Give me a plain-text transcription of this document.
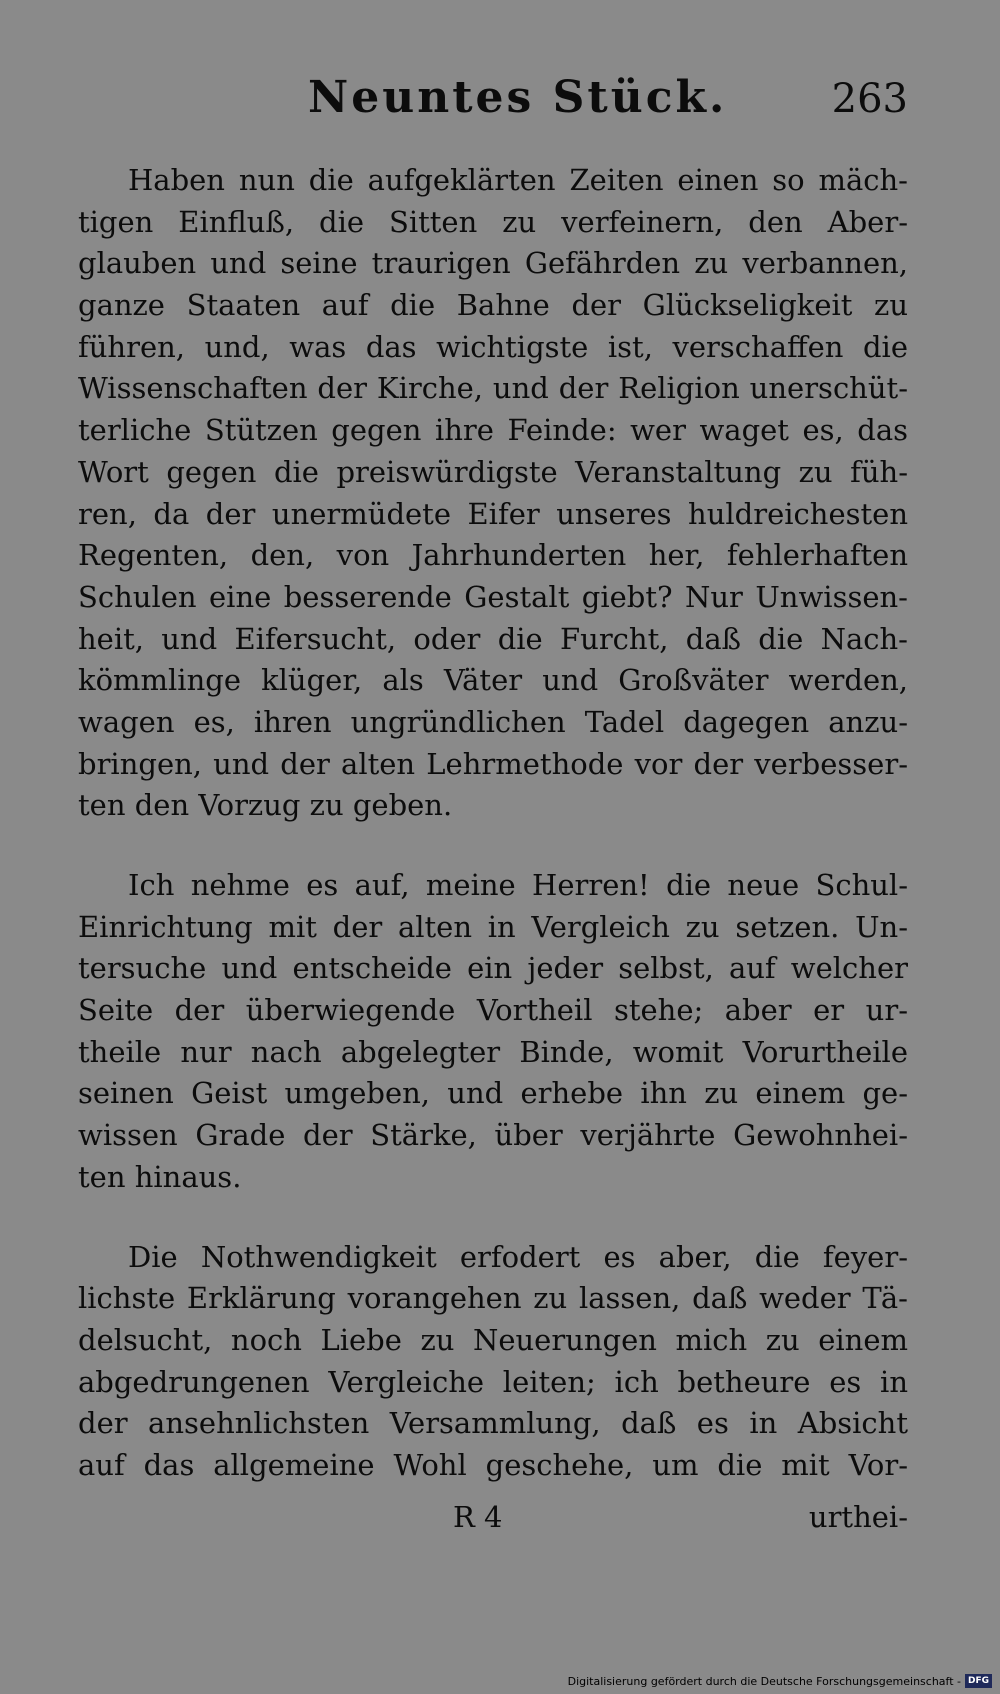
Neuntes Stück.	263
Haben nun die aufgeklärten Zeiten einen so mäch-
tigen Einfluß, die Sitten zu verfeinern, den Aber-
glauben und seine traurigen Gefährden zu verbannen,
ganze Staaten auf die Bahne der Glückseligkeit zu
führen, und, was das wichtigste ist, verschaffen die
Wissenschaften der Kirche, und der Religion unerschüt-
terliche Stützen gegen ihre Feinde: wer waget es, das
Wort gegen die preiswürdigste Veranstaltung zu füh-
ren, da der unermüdete Eifer unseres huldreichesten
Regenten, den, von Jahrhunderten her, fehlerhaften
Schulen eine besserende Gestalt giebt? Nur Unwissen-
heit, und Eifersucht, oder die Furcht, daß die Nach-
kömmlinge klüger, als Väter und Großväter werden,
wagen es, ihren ungründlichen Tadel dagegen anzu-
bringen, und der alten Lehrmethode vor der verbesser-
ten den Vorzug zu geben.
Ich nehme es auf, meine Herren! die neue Schul-
Einrichtung mit der alten in Vergleich zu setzen. Un-
tersuche und entscheide ein jeder selbst, auf welcher
Seite der überwiegende Vortheil stehe; aber er ur-
theile nur nach abgelegter Binde, womit Vorurtheile
seinen Geist umgeben, und erhebe ihn zu einem ge-
wissen Grade der Stärke, über verjährte Gewohnhei-
ten hinaus.
Die Nothwendigkeit erfodert es aber, die feyer-
lichste Erklärung vorangehen zu lassen, daß weder Tä-
delsucht, noch Liebe zu Neuerungen mich zu einem
abgedrungenen Vergleiche leiten; ich betheure es in
der ansehnlichsten Versammlung, daß es in Absicht
auf das allgemeine Wohl geschehe, um die mit Vor-
R 4	urthei-
Digitalisierung gefördert durch die Deutsche Forschungsgemeinschaft - DFG
